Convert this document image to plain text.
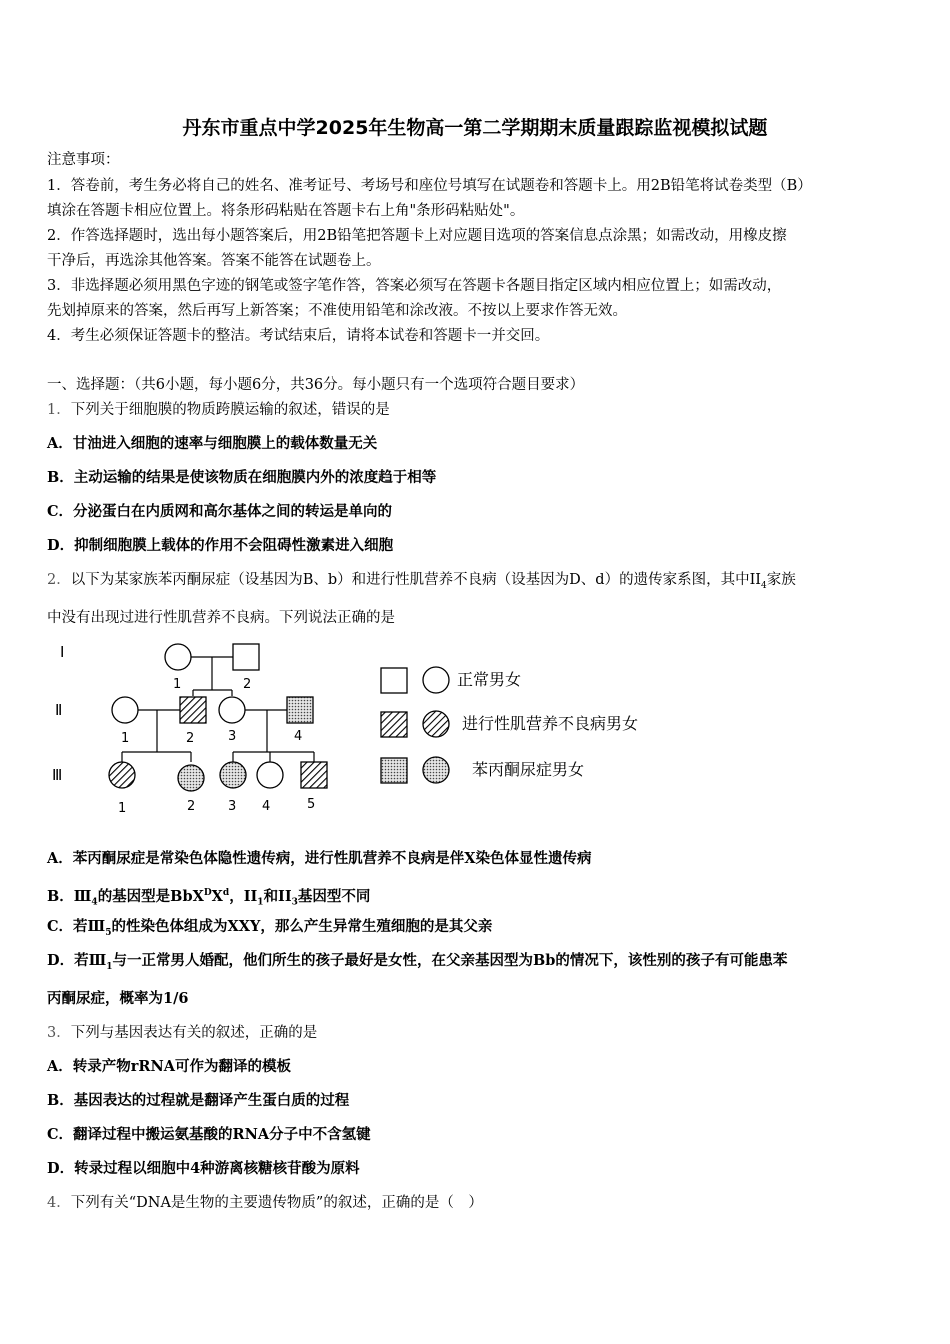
丹东市重点中学2025年生物高一第二学期期末质量跟踪监视模拟试题
注意事项：
1．答卷前，考生务必将自己的姓名、准考证号、考场号和座位号填写在试题卷和答题卡上。用2B铅笔将试卷类型（B）
填涂在答题卡相应位置上。将条形码粘贴在答题卡右上角"条形码粘贴处"。
2．作答选择题时，选出每小题答案后，用2B铅笔把答题卡上对应题目选项的答案信息点涂黑；如需改动，用橡皮擦
干净后，再选涂其他答案。答案不能答在试题卷上。
3．非选择题必须用黑色字迹的钢笔或签字笔作答，答案必须写在答题卡各题目指定区域内相应位置上；如需改动，
先划掉原来的答案，然后再写上新答案；不准使用铅笔和涂改液。不按以上要求作答无效。
4．考生必须保证答题卡的整洁。考试结束后，请将本试卷和答题卡一并交回。
一、选择题：（共6小题，每小题6分，共36分。每小题只有一个选项符合题目要求）
1．下列关于细胞膜的物质跨膜运输的叙述，错误的是
A．甘油进入细胞的速率与细胞膜上的载体数量无关
B．主动运输的结果是使该物质在细胞膜内外的浓度趋于相等
C．分泌蛋白在内质网和高尔基体之间的转运是单向的
D．抑制细胞膜上载体的作用不会阻碍性激素进入细胞
2．以下为某家族苯丙酮尿症（设基因为B、b）和进行性肌营养不良病（设基因为D、d）的遗传家系图，其中$II_4$家族
中没有出现过进行性肌营养不良病。下列说法正确的是
Ⅰ
Ⅱ
Ⅲ
1	2
1	2	3	4
1	2	3 4	5
正常男女
进行性肌营养不良病男女
苯丙酮尿症男女
A．苯丙酮尿症是常染色体隐性遗传病，进行性肌营养不良病是伴X染色体显性遗传病
B．$Ⅲ_4$的基因型是$BbX^DX^d$，$II_1$和$II_3$基因型不同
C．若$Ⅲ_5$的性染色体组成为XXY，那么产生异常生殖细胞的是其父亲
D．若$Ⅲ_1$与一正常男人婚配，他们所生的孩子最好是女性，在父亲基因型为Bb的情况下，该性别的孩子有可能患苯
丙酮尿症，概率为1/6
3．下列与基因表达有关的叙述，正确的是
A．转录产物rRNA可作为翻译的模板
B．基因表达的过程就是翻译产生蛋白质的过程
C．翻译过程中搬运氨基酸的RNA分子中不含氢键
D．转录过程以细胞中4种游离核糖核苷酸为原料
4．下列有关“DNA是生物的主要遗传物质”的叙述，正确的是（　）
